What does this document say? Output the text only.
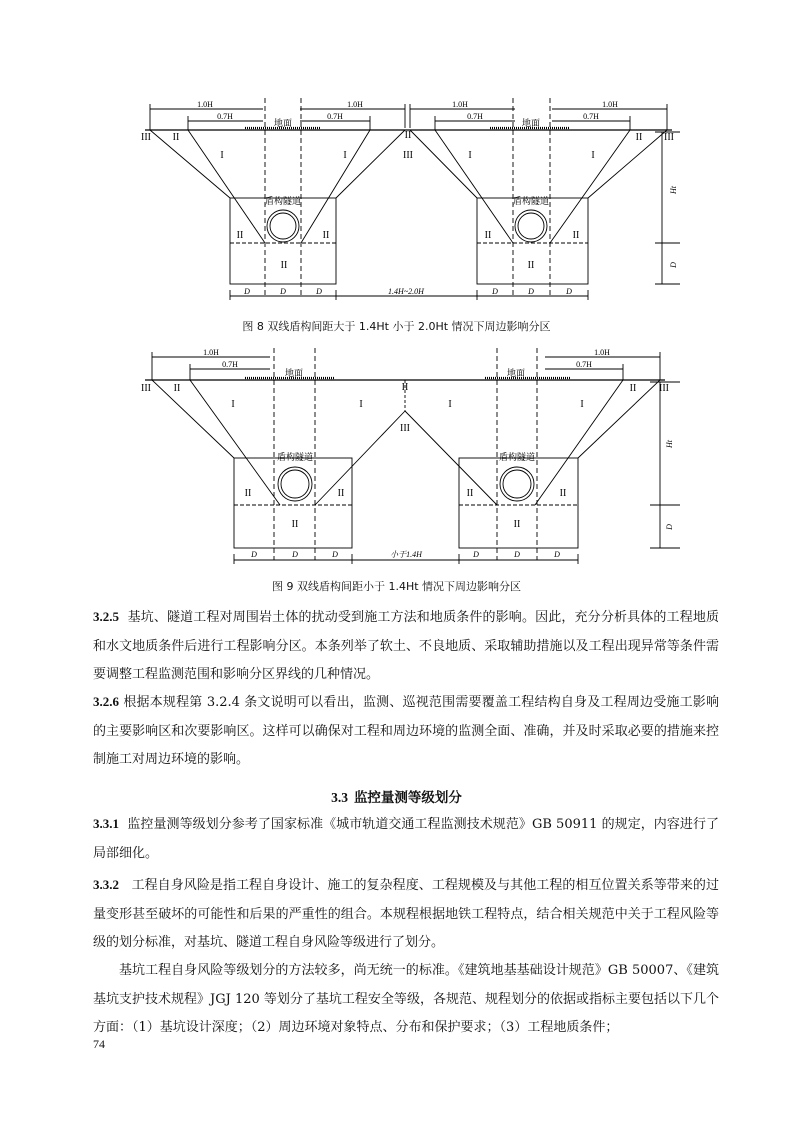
1.0H
0.7H
1.0H
0.7H
1.0H
0.7H
1.0H
0.7H
地面	地面
盾构隧道	盾构隧道
III II
I	I
II
III	I	I
II III
II	II
II
II	II
II
D	D	D	1.4H~2.0H	D	D	D
Ht
D
图 8 双线盾构间距大于 1.4Ht 小于 2.0Ht 情况下周边影响分区
1.0H
0.7H
1.0H
0.7H
地面	地面
盾构隧道	盾构隧道
III II
I	I
II
III
I	I
II III
II	II
II
II	II
II
D	D	D	小于1.4H	D	D	D
Ht
D
图 9 双线盾构间距小于 1.4Ht 情况下周边影响分区
3.2.5 基坑、隧道工程对周围岩土体的扰动受到施工方法和地质条件的影响。因此，充分分析具体的工程地质和水文地质条件后进行工程影响分区。本条列举了软土、不良地质、采取辅助措施以及工程出现异常等条件需要调整工程监测范围和影响分区界线的几种情况。
3.2.6 根据本规程第 3.2.4 条文说明可以看出，监测、巡视范围需要覆盖工程结构自身及工程周边受施工影响的主要影响区和次要影响区。这样可以确保对工程和周边环境的监测全面、准确，并及时采取必要的措施来控制施工对周边环境的影响。
3.3 监控量测等级划分
3.3.1 监控量测等级划分参考了国家标准《城市轨道交通工程监测技术规范》GB 50911 的规定，内容进行了局部细化。
3.3.2 工程自身风险是指工程自身设计、施工的复杂程度、工程规模及与其他工程的相互位置关系等带来的过量变形甚至破坏的可能性和后果的严重性的组合。本规程根据地铁工程特点，结合相关规范中关于工程风险等级的划分标准，对基坑、隧道工程自身风险等级进行了划分。
基坑工程自身风险等级划分的方法较多，尚无统一的标准。《建筑地基基础设计规范》GB 50007、《建筑基坑支护技术规程》JGJ 120 等划分了基坑工程安全等级，各规范、规程划分的依据或指标主要包括以下几个方面：（1）基坑设计深度；（2）周边环境对象特点、分布和保护要求；（3）工程地质条件；
74
